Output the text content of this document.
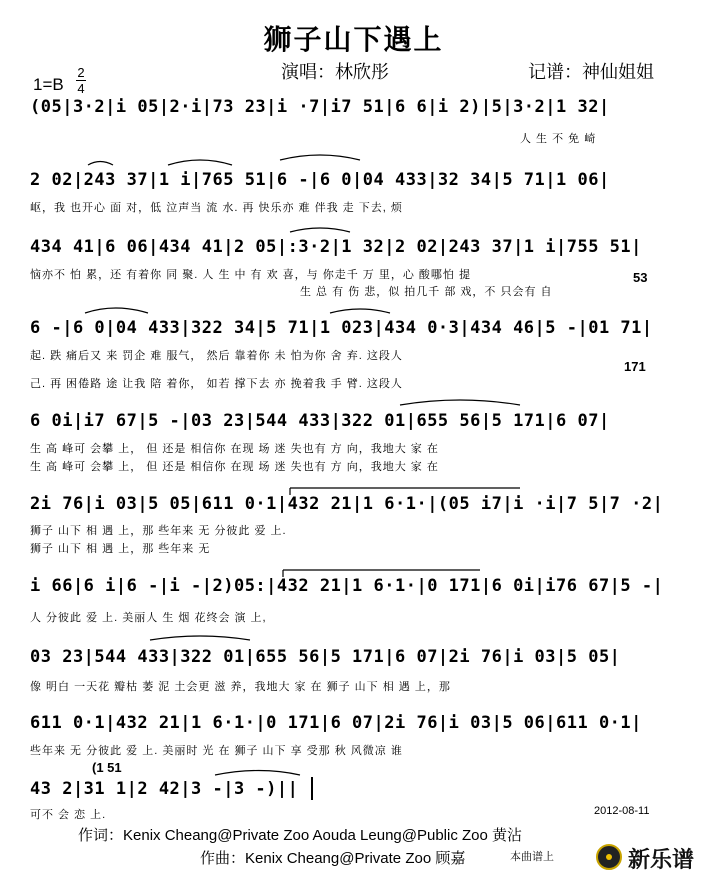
狮子山下遇上
演唱：林欣彤	记谱：神仙姐姐
1=B
2
4
(05|3·2|i 05|2·i|73 23|i ·7|i7 51|6 6|i 2)|5|3·2|1 32|
人 生 不 免 崎
2 02|243 37|1 i|765 51|6 -|6 0|04 433|32 34|5 71|1 06|
岖，我 也开心 面 对，低 泣声当 流 水. 再 快乐亦 难 伴我 走 下去, 烦
434 41|6 06|434 41|2 05|:3·2|1 32|2 02|243 37|1 i|755 51|
恼亦不 怕 累，还 有着你 同 聚. 人 生 中 有 欢 喜，与 你走千 万 里，心 酸哪怕 提
生 总 有 伤 悲，似 拍几千 部 戏，不 只会有 自
53
6 -|6 0|04 433|322 34|5 71|1 023|434 0·3|434 46|5 -|01 71|
起. 跌 痛后又 来 罚企 难 服气， 然后 靠着你 未 怕为你 舍 弃. 这段人
己. 再 困倦路 途 让我 陪 着你， 如若 撑下去 亦 挽着我 手 臂. 这段人
171
6 0i|i7 67|5 -|03 23|544 433|322 01|655 56|5 171|6 07|
生 高 峰可 会攀 上， 但 还是 相信你 在现 场 迷 失也有 方 向，我地大 家 在
生 高 峰可 会攀 上， 但 还是 相信你 在现 场 迷 失也有 方 向，我地大 家 在
2i 76|i 03|5 05|611 0·1|432 21|1 6·1·|(05 i7|i ·i|7 5|7 ·2|
狮子 山下 相 遇 上，那 些年来 无 分彼此 爱 上.
狮子 山下 相 遇 上，那 些年来 无
i 66|6 i|6 -|i -|2)05:|432 21|1 6·1·|0 171|6 0i|i76 67|5 -|
人 分彼此 爱 上. 美丽人 生 烟 花终会 演 上,
03 23|544 433|322 01|655 56|5 171|6 07|2i 76|i 03|5 05|
像 明白 一天花 瓣枯 萎 泥 土会更 滋 养，我地大 家 在 狮子 山下 相 遇 上，那
611 0·1|432 21|1 6·1·|0 171|6 07|2i 76|i 03|5 06|611 0·1|
些年来 无 分彼此 爱 上. 美丽时 光 在 狮子 山下 享 受那 秋 风微凉 谁
(1 51
43 2|31 1|2 42|3 -|3 -)||
可不 会 恋 上.	2012-08-11
作词：Kenix Cheang@Private Zoo Aouda Leung@Public Zoo 黄沾
作曲：Kenix Cheang@Private Zoo 顾嘉	本曲谱上	新乐谱
